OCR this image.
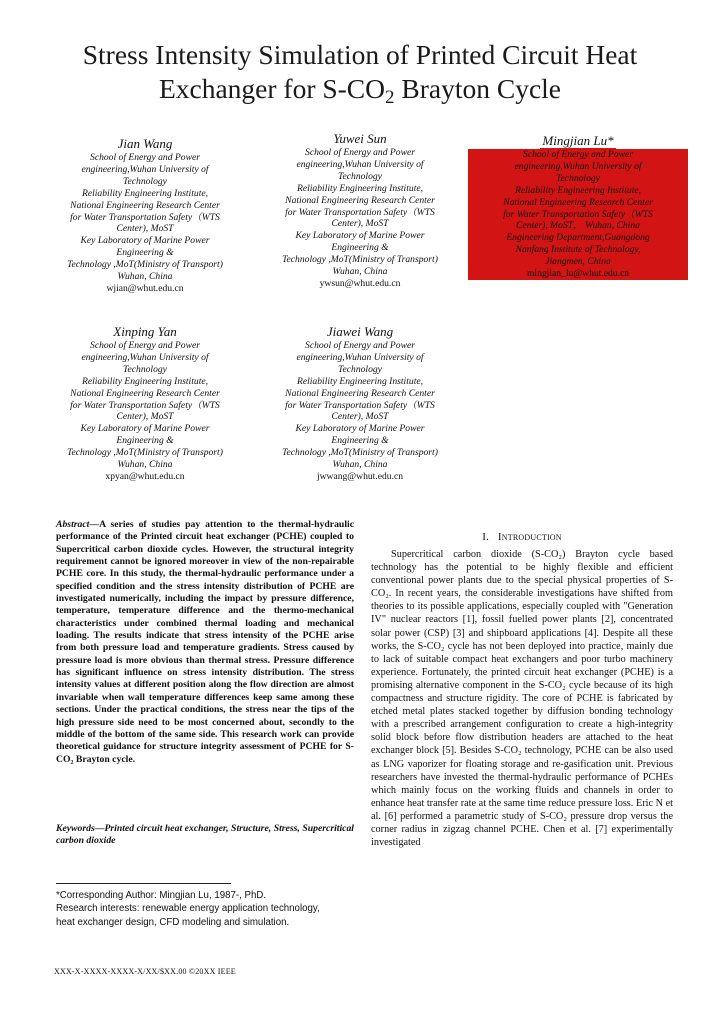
Stress Intensity Simulation of Printed Circuit Heat
Exchanger for $S-CO_2$ Brayton Cycle
Jian Wang
School of Energy and Power
engineering,Wuhan University of
Technology
Reliability Engineering Institute,
National Engineering Research Center
for Water Transportation Safety（WTS
Center), MoST
Key Laboratory of Marine Power
Engineering &
Technology ,MoT(Ministry of Transport)
Wuhan, China
wjian@whut.edu.cn
Yuwei Sun
School of Energy and Power
engineering,Wuhan University of
Technology
Reliability Engineering Institute,
National Engineering Research Center
for Water Transportation Safety（WTS
Center), MoST
Key Laboratory of Marine Power
Engineering &
Technology ,MoT(Ministry of Transport)
Wuhan, China
ywsun@whut.edu.cn
Mingjian Lu*
School of Energy and Power
engineering,Wuhan University of
Technology
Reliability Engineering Institute,
National Engineering Research Center
for Water Transportation Safety（WTS
Center), MoST， Wuhan, China
Engineering Department,Guangdong
Nanfang Institute of Technology,
Jiangmen, China
mingjian_lu@whut.edu.cn
Xinping Yan
School of Energy and Power
engineering,Wuhan University of
Technology
Reliability Engineering Institute,
National Engineering Research Center
for Water Transportation Safety（WTS
Center), MoST
Key Laboratory of Marine Power
Engineering &
Technology ,MoT(Ministry of Transport)
Wuhan, China
xpyan@whut.edu.cn
Jiawei Wang
School of Energy and Power
engineering,Wuhan University of
Technology
Reliability Engineering Institute,
National Engineering Research Center
for Water Transportation Safety（WTS
Center), MoST
Key Laboratory of Marine Power
Engineering &
Technology ,MoT(Ministry of Transport)
Wuhan, China
jwwang@whut.edu.cn
Abstract—A series of studies pay attention to the thermal-hydraulic performance of the Printed circuit heat exchanger (PCHE) coupled to Supercritical carbon dioxide cycles. However, the structural integrity requirement cannot be ignored moreover in view of the non-repairable PCHE core. In this study, the thermal-hydraulic performance under a specified condition and the stress intensity distribution of PCHE are investigated numerically, including the impact by pressure difference, temperature, temperature difference and the thermo-mechanical characteristics under combined thermal loading and mechanical loading. The results indicate that stress intensity of the PCHE arise from both pressure load and temperature gradients. Stress caused by pressure load is more obvious than thermal stress. Pressure difference has significant influence on stress intensity distribution. The stress intensity values at different position along the flow direction are almost invariable when wall temperature differences keep same among these sections. Under the practical conditions, the stress near the tips of the high pressure side need to be most concerned about, secondly to the middle of the bottom of the same side. This research work can provide theoretical guidance for structure integrity assessment of PCHE for S-CO₂ Brayton cycle.
Keywords—Printed circuit heat exchanger, Structure, Stress, Supercritical carbon dioxide
*Corresponding Author: Mingjian Lu, 1987-, PhD.
Research interests: renewable energy application technology,
heat exchanger design, CFD modeling and simulation.
I. Introduction
Supercritical carbon dioxide (S-CO₂) Brayton cycle based technology has the potential to be highly flexible and efficient conventional power plants due to the special physical properties of S-CO₂. In recent years, the considerable investigations have shifted from theories to its possible applications, especially coupled with "Generation IV" nuclear reactors [1], fossil fuelled power plants [2], concentrated solar power (CSP) [3] and shipboard applications [4]. Despite all these works, the S-CO₂ cycle has not been deployed into practice, mainly due to lack of suitable compact heat exchangers and poor turbo machinery experience. Fortunately, the printed circuit heat exchanger (PCHE) is a promising alternative component in the S-CO₂ cycle because of its high compactness and structure rigidity. The core of PCHE is fabricated by etched metal plates stacked together by diffusion bonding technology with a prescribed arrangement configuration to create a high-integrity solid block before flow distribution headers are attached to the heat exchanger block [5]. Besides S-CO₂ technology, PCHE can be also used as LNG vaporizer for floating storage and re-gasification unit. Previous researchers have invested the thermal-hydraulic performance of PCHEs which mainly focus on the working fluids and channels in order to enhance heat transfer rate at the same time reduce pressure loss. Eric N et al. [6] performed a parametric study of S-CO₂ pressure drop versus the corner radius in zigzag channel PCHE. Chen et al. [7] experimentally investigated
XXX-X-XXXX-XXXX-X/XX/$XX.00 ©20XX IEEE
